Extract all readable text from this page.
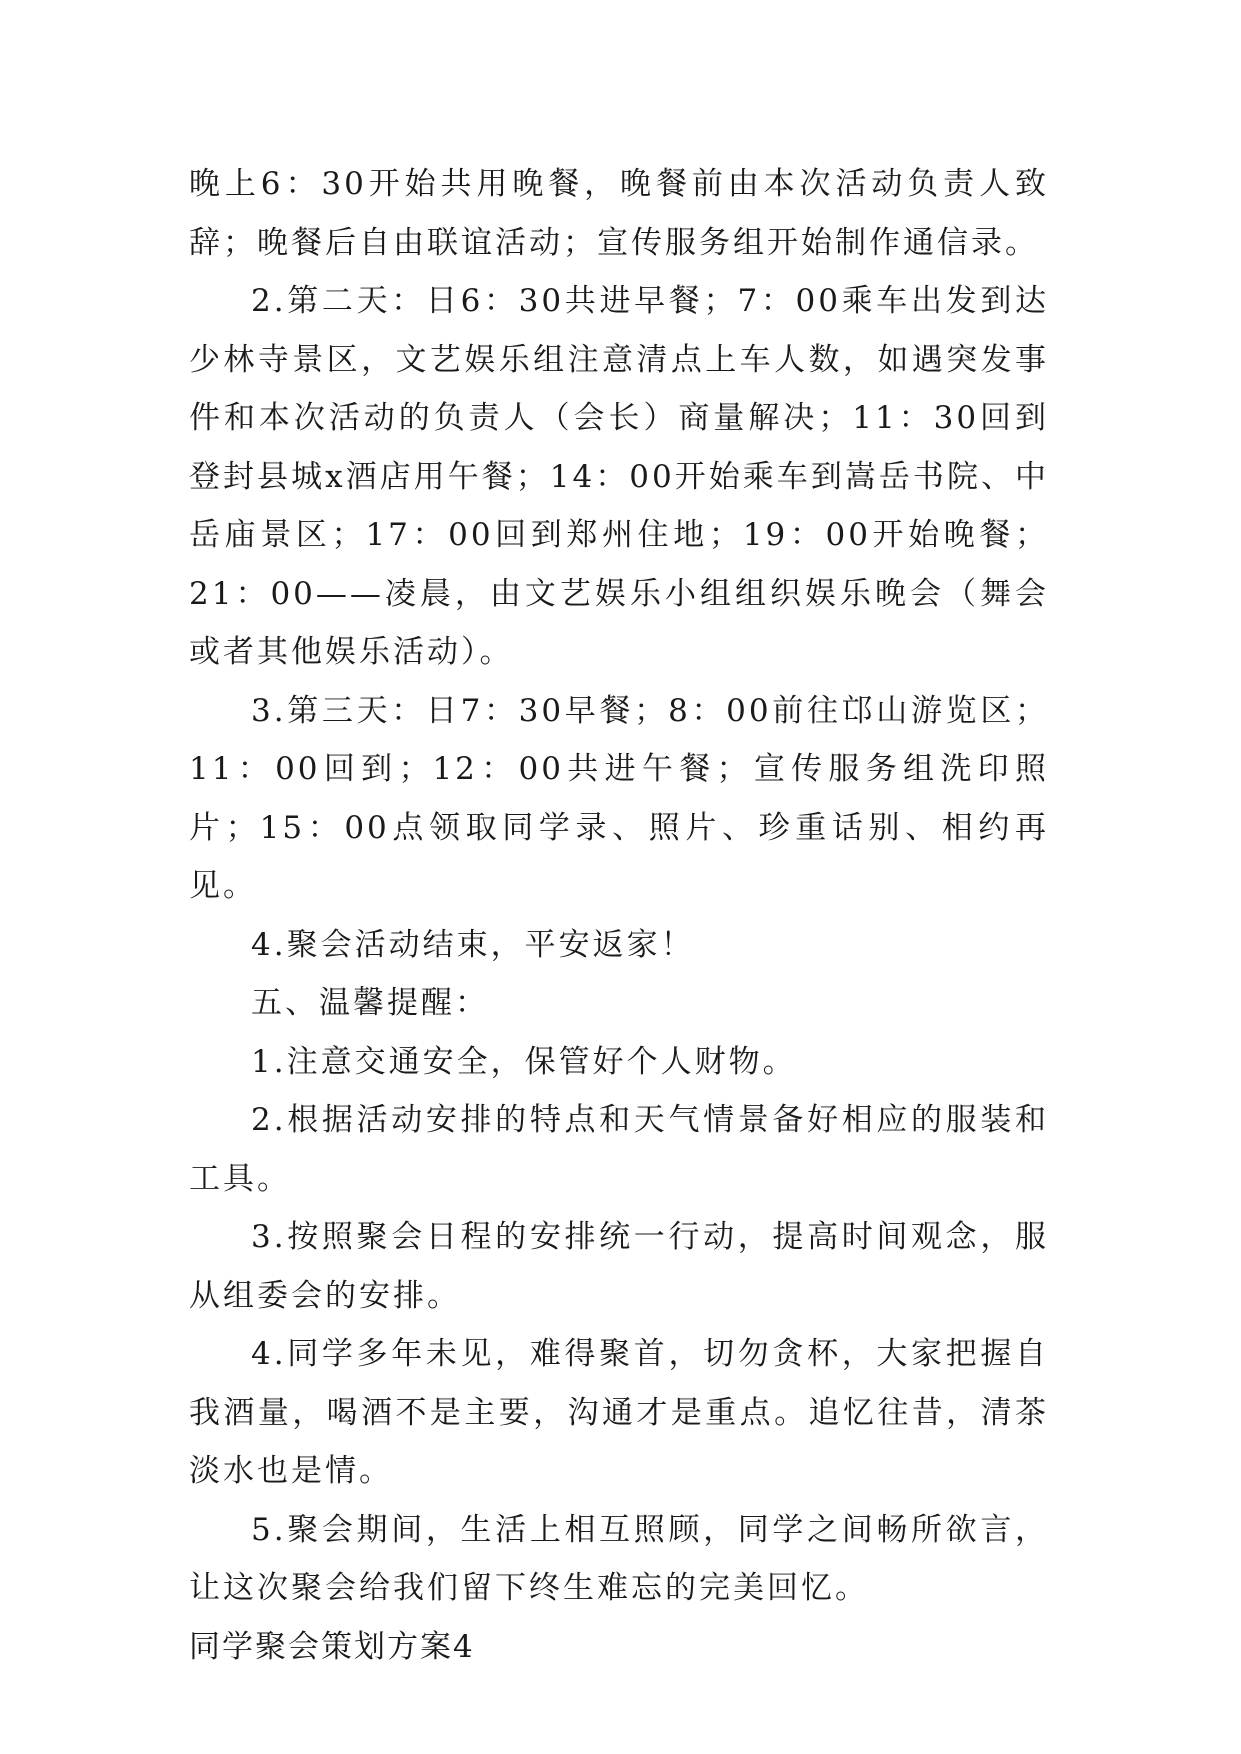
晚上6：30开始共用晚餐，晚餐前由本次活动负责人致辞；晚餐后自由联谊活动；宣传服务组开始制作通信录。

2.第二天：日6：30共进早餐；7：00乘车出发到达少林寺景区，文艺娱乐组注意清点上车人数，如遇突发事件和本次活动的负责人（会长）商量解决；11：30回到登封县城x酒店用午餐；14：00开始乘车到嵩岳书院、中岳庙景区；17：00回到郑州住地；19：00开始晚餐；21：00——凌晨，由文艺娱乐小组组织娱乐晚会（舞会或者其他娱乐活动）。

3.第三天：日7：30早餐；8：00前往邙山游览区；11：00回到；12：00共进午餐；宣传服务组洗印照片；15：00点领取同学录、照片、珍重话别、相约再见。

4.聚会活动结束，平安返家！

五、温馨提醒：

1.注意交通安全，保管好个人财物。

2.根据活动安排的特点和天气情景备好相应的服装和工具。

3.按照聚会日程的安排统一行动，提高时间观念，服从组委会的安排。

4.同学多年未见，难得聚首，切勿贪杯，大家把握自我酒量，喝酒不是主要，沟通才是重点。追忆往昔，清茶淡水也是情。

5.聚会期间，生活上相互照顾，同学之间畅所欲言，让这次聚会给我们留下终生难忘的完美回忆。

同学聚会策划方案4
